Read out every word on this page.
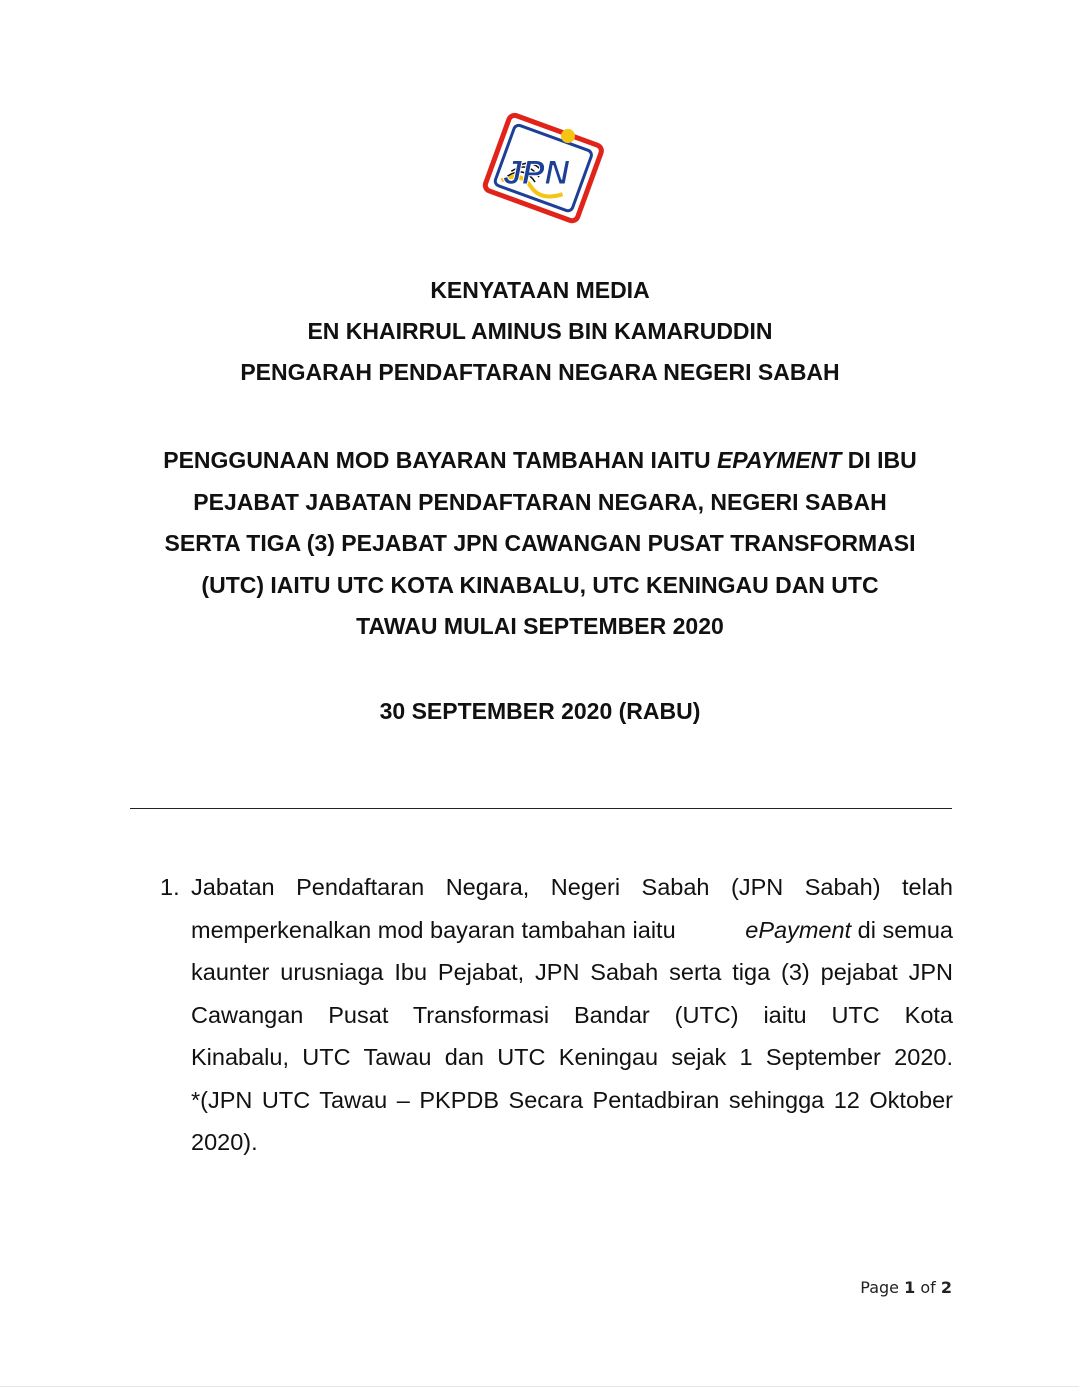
JPN
KENYATAAN MEDIA
EN KHAIRRUL AMINUS BIN KAMARUDDIN
PENGARAH PENDAFTARAN NEGARA NEGERI SABAH
PENGGUNAAN MOD BAYARAN TAMBAHAN IAITU EPAYMENT DI IBU
PEJABAT JABATAN PENDAFTARAN NEGARA, NEGERI SABAH
SERTA TIGA (3) PEJABAT JPN CAWANGAN PUSAT TRANSFORMASI
(UTC) IAITU UTC KOTA KINABALU, UTC KENINGAU DAN UTC
TAWAU MULAI SEPTEMBER 2020
30 SEPTEMBER 2020 (RABU)
1. Jabatan Pendaftaran Negara, Negeri Sabah (JPN Sabah) telah
memperkenalkan mod bayaran tambahan iaitu	ePayment di semua
kaunter urusniaga Ibu Pejabat, JPN Sabah serta tiga (3) pejabat JPN
Cawangan Pusat Transformasi Bandar (UTC) iaitu UTC Kota
Kinabalu, UTC Tawau dan UTC Keningau sejak 1 September 2020.
*(JPN UTC Tawau – PKPDB Secara Pentadbiran sehingga 12 Oktober
2020).
Page 1 of 2
